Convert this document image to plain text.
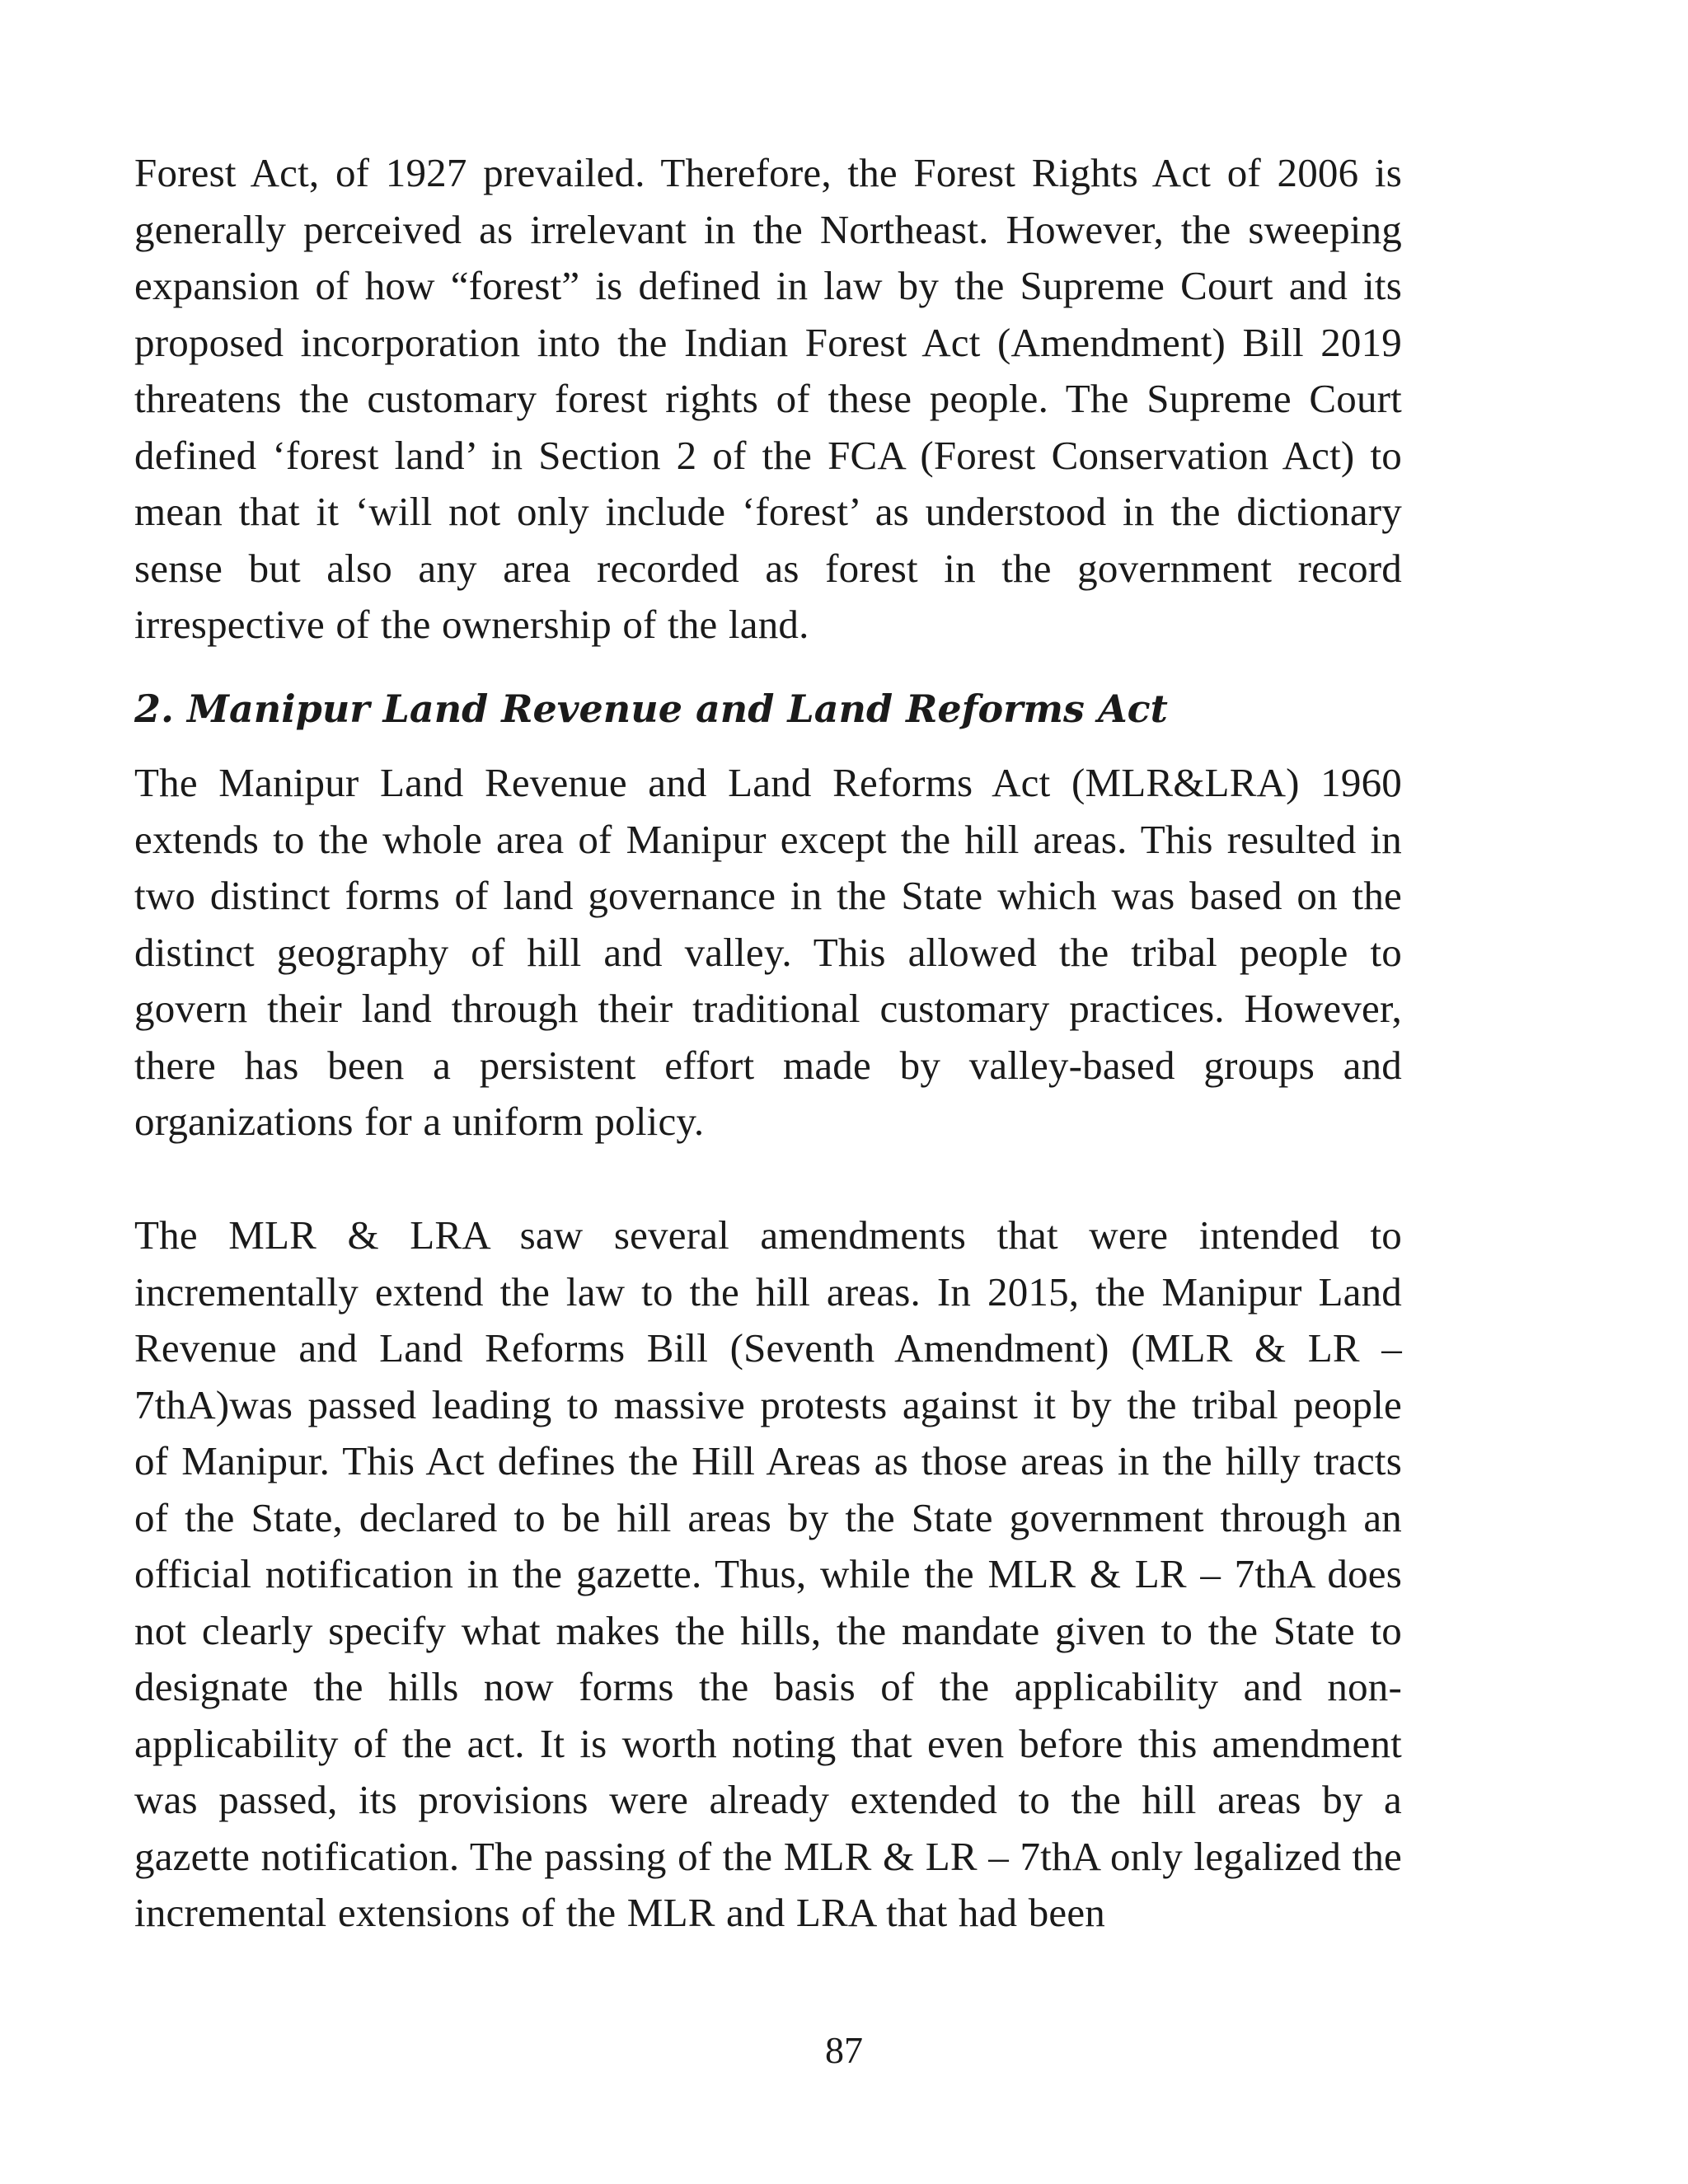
Forest Act, of 1927 prevailed. Therefore, the Forest Rights Act of 2006 is generally perceived as irrelevant in the Northeast. However, the sweeping expansion of how “forest” is defined in law by the Supreme Court and its proposed incorporation into the Indian Forest Act (Amendment) Bill 2019 threatens the customary forest rights of these people. The Supreme Court defined ‘forest land’ in Section 2 of the FCA (Forest Conservation Act) to mean that it ‘will not only include ‘forest’ as understood in the dictionary sense but also any area recorded as forest in the government record irrespective of the ownership of the land.

2. Manipur Land Revenue and Land Reforms Act

The Manipur Land Revenue and Land Reforms Act (MLR&LRA) 1960 extends to the whole area of Manipur except the hill areas. This resulted in two distinct forms of land governance in the State which was based on the distinct geography of hill and valley. This allowed the tribal people to govern their land through their traditional customary practices. However, there has been a persistent effort made by valley-based groups and organizations for a uniform policy.

The MLR & LRA saw several amendments that were intended to incrementally extend the law to the hill areas. In 2015, the Manipur Land Revenue and Land Reforms Bill (Seventh Amendment) (MLR & LR – 7thA)was passed leading to massive protests against it by the tribal people of Manipur. This Act defines the Hill Areas as those areas in the hilly tracts of the State, declared to be hill areas by the State government through an official notification in the gazette. Thus, while the MLR & LR – 7thA does not clearly specify what makes the hills, the mandate given to the State to designate the hills now forms the basis of the applicability and non-applicability of the act. It is worth noting that even before this amendment was passed, its provisions were already extended to the hill areas by a gazette notification. The passing of the MLR & LR – 7thA only legalized the incremental extensions of the MLR and LRA that had been

87
